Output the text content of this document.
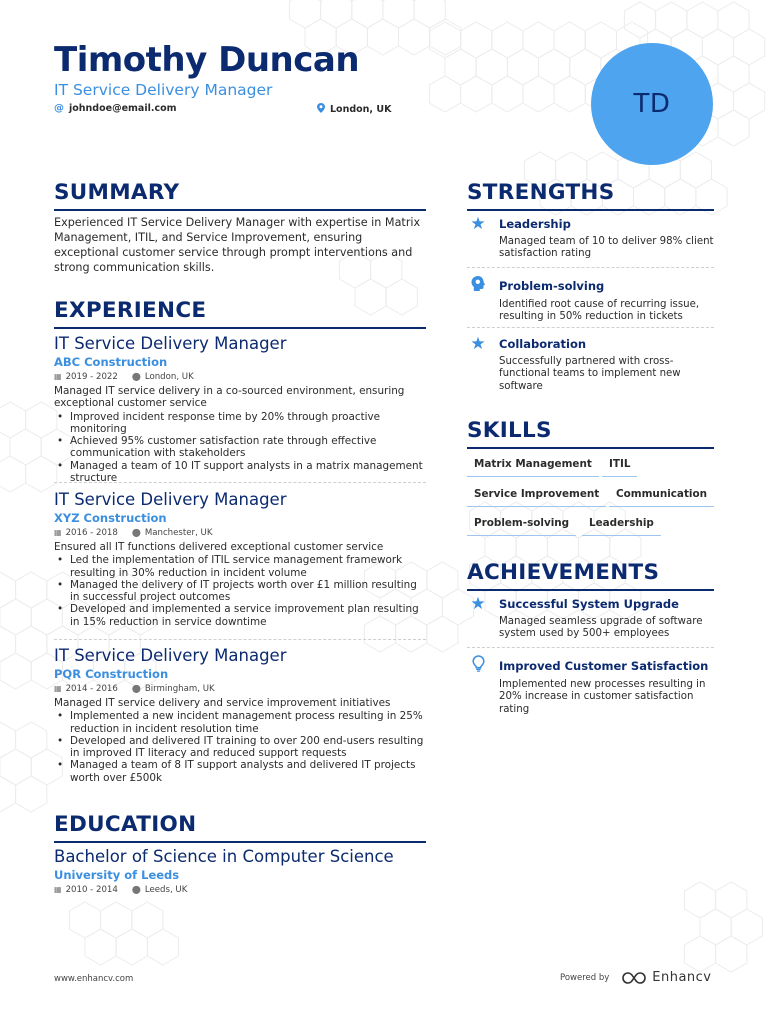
Timothy Duncan
IT Service Delivery Manager
@ johndoe@email.com	London, UK	TD
SUMMARY
Experienced IT Service Delivery Manager with expertise in Matrix Management, ITIL, and Service Improvement, ensuring exceptional customer service through prompt interventions and strong communication skills.
EXPERIENCE
IT Service Delivery Manager
ABC Construction
▦ 2019 - 2022 ⬤ London, UK
Managed IT service delivery in a co-sourced environment, ensuring exceptional customer service
• Improved incident response time by 20% through proactive monitoring
• Achieved 95% customer satisfaction rate through effective communication with stakeholders
• Managed a team of 10 IT support analysts in a matrix management structure
IT Service Delivery Manager
XYZ Construction
▦ 2016 - 2018 ⬤ Manchester, UK
Ensured all IT functions delivered exceptional customer service
• Led the implementation of ITIL service management framework resulting in 30% reduction in incident volume
• Managed the delivery of IT projects worth over £1 million resulting in successful project outcomes
• Developed and implemented a service improvement plan resulting in 15% reduction in service downtime
IT Service Delivery Manager
PQR Construction
▦ 2014 - 2016 ⬤ Birmingham, UK
Managed IT service delivery and service improvement initiatives
• Implemented a new incident management process resulting in 25% reduction in incident resolution time
• Developed and delivered IT training to over 200 end-users resulting in improved IT literacy and reduced support requests
• Managed a team of 8 IT support analysts and delivered IT projects worth over £500k
EDUCATION
Bachelor of Science in Computer Science
University of Leeds
▦ 2010 - 2014 ⬤ Leeds, UK
STRENGTHS
★ Leadership
Managed team of 10 to deliver 98% client satisfaction rating
Problem-solving
Identified root cause of recurring issue, resulting in 50% reduction in tickets
★ Collaboration
Successfully partnered with cross-functional teams to implement new software
SKILLS
Matrix Management	ITIL
Service Improvement	Communication
Problem-solving	Leadership
ACHIEVEMENTS
★ Successful System Upgrade
Managed seamless upgrade of software system used by 500+ employees
Improved Customer Satisfaction
Implemented new processes resulting in 20% increase in customer satisfaction rating
www.enhancv.com	Powered by	Enhancv
